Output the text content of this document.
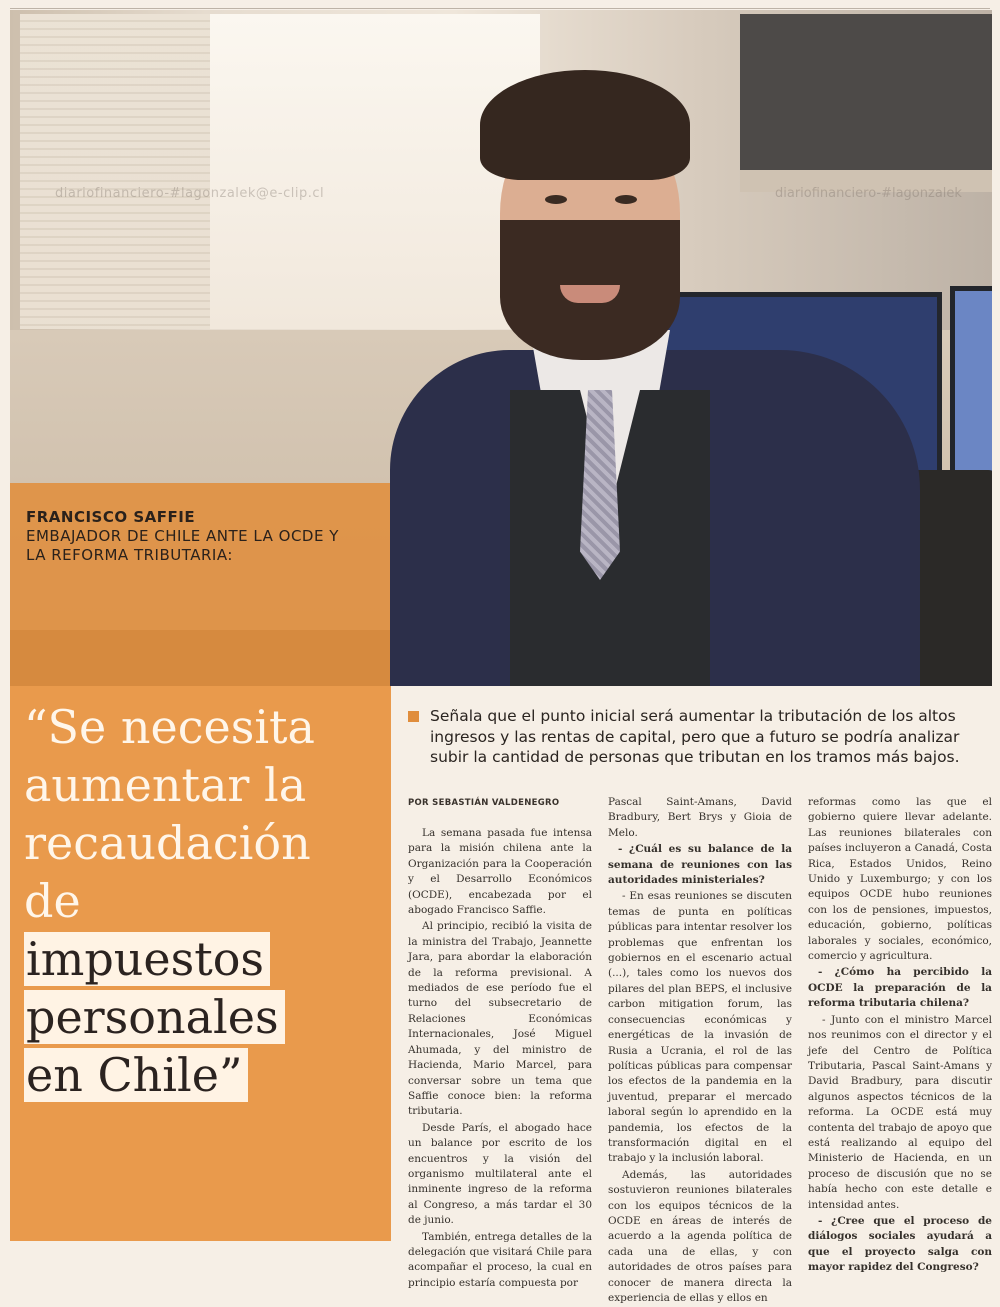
diariofinanciero-#lagonzalek@e-clip.cl	diariofinanciero-#lagonzalek
FRANCISCO SAFFIE
EMBAJADOR DE CHILE ANTE LA OCDE Y LA REFORMA TRIBUTARIA:
“Se necesita
aumentar la
recaudación
de
impuestos
personales
en Chile”
Señala que el punto inicial será aumentar la tributación de los altos ingresos y las rentas de capital, pero que a futuro se podría analizar subir la cantidad de personas que tributan en los tramos más bajos.
POR SEBASTIÁN VALDENEGRO

La semana pasada fue intensa para la misión chilena ante la Organización para la Cooperación y el Desarrollo Económicos (OCDE), encabezada por el abogado Francisco Saffie.

Al principio, recibió la visita de la ministra del Trabajo, Jeannette Jara, para abordar la elaboración de la reforma previsional. A mediados de ese período fue el turno del subsecretario de Relaciones Económicas Internacionales, José Miguel Ahumada, y del ministro de Hacienda, Mario Marcel, para conversar sobre un tema que Saffie conoce bien: la reforma tributaria.

Desde París, el abogado hace un balance por escrito de los encuentros y la visión del organismo multilateral ante el inminente ingreso de la reforma al Congreso, a más tardar el 30 de junio.

También, entrega detalles de la delegación que visitará Chile para acompañar el proceso, la cual en principio estaría compuesta por

Pascal Saint-Amans, David Bradbury, Bert Brys y Gioia de Melo.

- ¿Cuál es su balance de la semana de reuniones con las autoridades ministeriales?

- En esas reuniones se discuten temas de punta en políticas públicas para intentar resolver los problemas que enfrentan los gobiernos en el escenario actual (...), tales como los nuevos dos pilares del plan BEPS, el inclusive carbon mitigation forum, las consecuencias económicas y energéticas de la invasión de Rusia a Ucrania, el rol de las políticas públicas para compensar los efectos de la pandemia en la juventud, preparar el mercado laboral según lo aprendido en la pandemia, los efectos de la transformación digital en el trabajo y la inclusión laboral.

Además, las autoridades sostuvieron reuniones bilaterales con los equipos técnicos de la OCDE en áreas de interés de acuerdo a la agenda política de cada una de ellas, y con autoridades de otros países para conocer de manera directa la experiencia de ellas y ellos en

reformas como las que el gobierno quiere llevar adelante. Las reuniones bilaterales con países incluyeron a Canadá, Costa Rica, Estados Unidos, Reino Unido y Luxemburgo; y con los equipos OCDE hubo reuniones con los de pensiones, impuestos, educación, gobierno, políticas laborales y sociales, económico, comercio y agricultura.

- ¿Cómo ha percibido la OCDE la preparación de la reforma tributaria chilena?

- Junto con el ministro Marcel nos reunimos con el director y el jefe del Centro de Política Tributaria, Pascal Saint-Amans y David Bradbury, para discutir algunos aspectos técnicos de la reforma. La OCDE está muy contenta del trabajo de apoyo que está realizando al equipo del Ministerio de Hacienda, en un proceso de discusión que no se había hecho con este detalle e intensidad antes.

- ¿Cree que el proceso de diálogos sociales ayudará a que el proyecto salga con mayor rapidez del Congreso?
